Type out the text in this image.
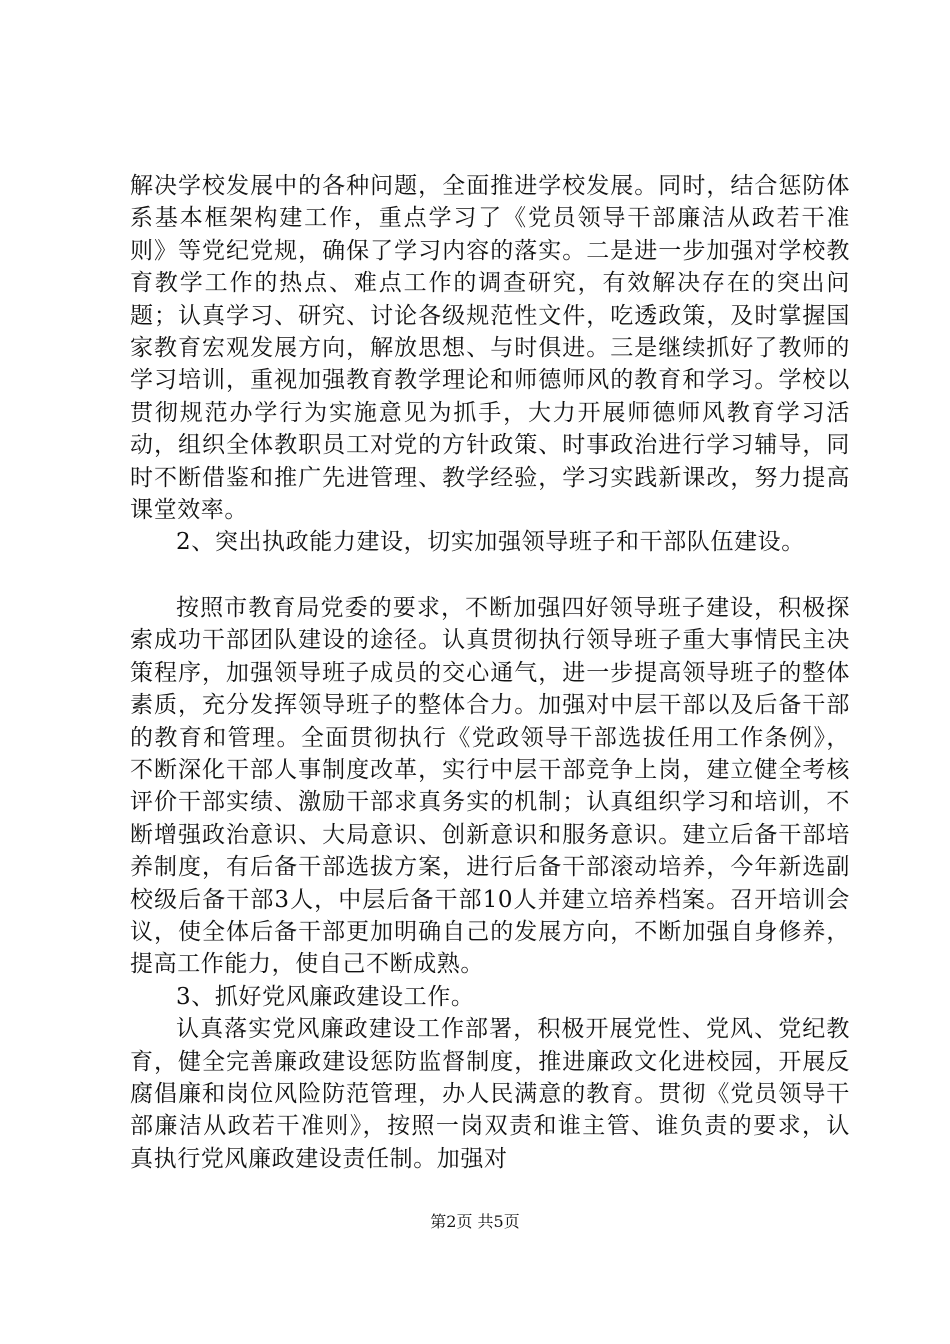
解决学校发展中的各种问题，全面推进学校发展。同时，结合惩防体系基本框架构建工作，重点学习了《党员领导干部廉洁从政若干准则》等党纪党规，确保了学习内容的落实。二是进一步加强对学校教育教学工作的热点、难点工作的调查研究，有效解决存在的突出问题；认真学习、研究、讨论各级规范性文件，吃透政策，及时掌握国家教育宏观发展方向，解放思想、与时俱进。三是继续抓好了教师的学习培训，重视加强教育教学理论和师德师风的教育和学习。学校以贯彻规范办学行为实施意见为抓手，大力开展师德师风教育学习活动，组织全体教职员工对党的方针政策、时事政治进行学习辅导，同时不断借鉴和推广先进管理、教学经验，学习实践新课改，努力提高课堂效率。

2、突出执政能力建设，切实加强领导班子和干部队伍建设。

按照市教育局党委的要求，不断加强四好领导班子建设，积极探索成功干部团队建设的途径。认真贯彻执行领导班子重大事情民主决策程序，加强领导班子成员的交心通气，进一步提高领导班子的整体素质，充分发挥领导班子的整体合力。加强对中层干部以及后备干部的教育和管理。全面贯彻执行《党政领导干部选拔任用工作条例》，不断深化干部人事制度改革，实行中层干部竞争上岗，建立健全考核评价干部实绩、激励干部求真务实的机制；认真组织学习和培训，不断增强政治意识、大局意识、创新意识和服务意识。建立后备干部培养制度，有后备干部选拔方案，进行后备干部滚动培养，今年新选副校级后备干部3人，中层后备干部10人并建立培养档案。召开培训会议，使全体后备干部更加明确自己的发展方向，不断加强自身修养，提高工作能力，使自己不断成熟。

3、抓好党风廉政建设工作。

认真落实党风廉政建设工作部署，积极开展党性、党风、党纪教育，健全完善廉政建设惩防监督制度，推进廉政文化进校园，开展反腐倡廉和岗位风险防范管理，办人民满意的教育。贯彻《党员领导干部廉洁从政若干准则》，按照一岗双责和谁主管、谁负责的要求，认真执行党风廉政建设责任制。加强对

第2页 共5页
